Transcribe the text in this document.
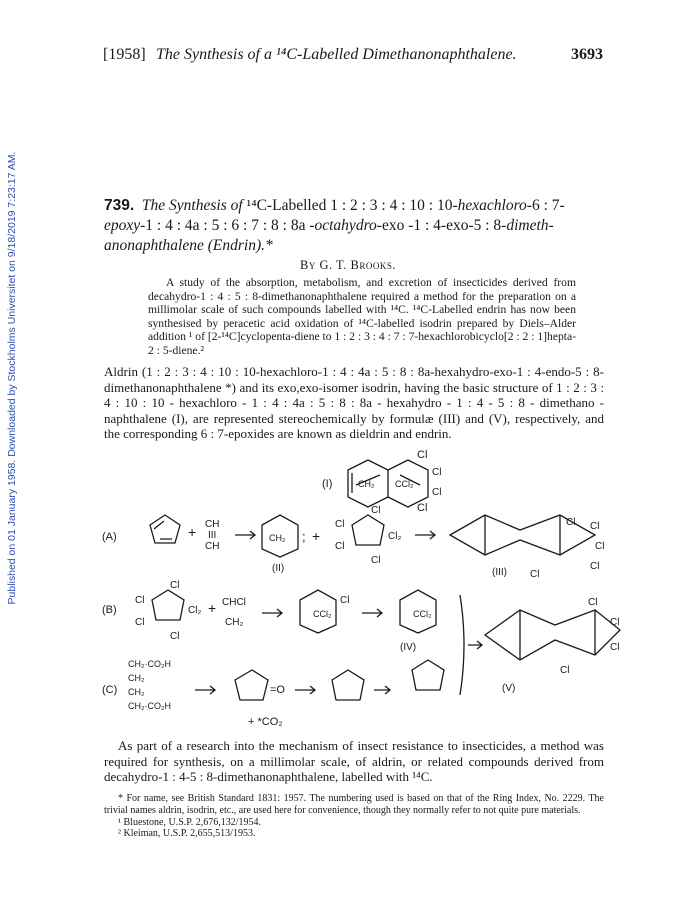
Published on 01 January 1958. Downloaded by Stockholms Universitet on 9/18/2019 7:23:17 AM.
[1958] The Synthesis of a ¹⁴C-Labelled Dimethanonaphthalene.	3693
739. The Synthesis of ¹⁴C-Labelled 1 : 2 : 3 : 4 : 10 : 10-hexachloro-6 : 7-
epoxy-1 : 4 : 4a : 5 : 6 : 7 : 8 : 8a -octahydro-exo -1 : 4-exo-5 : 8-dimeth-
anonaphthalene (Endrin).*
By G. T. Brooks.
A study of the absorption, metabolism, and excretion of insecticides derived from decahydro-1 : 4 : 5 : 8-dimethanonaphthalene required a method for the preparation on a millimolar scale of such compounds labelled with ¹⁴C. ¹⁴C-Labelled endrin has now been synthesised by peracetic acid oxidation of ¹⁴C-labelled isodrin prepared by Diels–Alder addition ¹ of [2-¹⁴C]cyclopenta-diene to 1 : 2 : 3 : 4 : 7 : 7-hexachlorobicyclo[2 : 2 : 1]hepta-2 : 5-diene.²
Aldrin (1 : 2 : 3 : 4 : 10 : 10-hexachloro-1 : 4 : 4a : 5 : 8 : 8a-hexahydro-exo-1 : 4-endo-5 : 8-dimethanonaphthalene *) and its exo,exo-isomer isodrin, having the basic structure of 1 : 2 : 3 : 4 : 10 : 10 - hexachloro - 1 : 4 : 4a : 5 : 8 : 8a - hexahydro - 1 : 4 - 5 : 8 - dimethano - naphthalene (I), are represented stereochemically by formulæ (III) and (V), respectively, and the corresponding 6 : 7-epoxides are known as dieldrin and endrin.
(I)
Cl
Cl
Cl
Cl
CCl₂
CH₂
(A)	+ CH
III
CH
CH₂ ; +
(II)
Cl
Cl
Cl
Cl₂
Cl
Cl Cl
Cl
Cl
Cl
(III)
(B)
Cl
Cl
Cl
Cl₂
Cl
+ CHCl
CH₂
CCl₂
Cl
CCl₂
(IV)
Cl
Cl
Cl
Cl
(V)
(C)
CH₂·CO₂H
CH₂
CH₂
CH₂·CO₂H
=O
+ *CO₂
As part of a research into the mechanism of insect resistance to insecticides, a method was required for synthesis, on a millimolar scale, of aldrin, or related compounds derived from decahydro-1 : 4-5 : 8-dimethanonaphthalene, labelled with ¹⁴C.

* For name, see British Standard 1831: 1957. The numbering used is based on that of the Ring Index, No. 2229. The trivial names aldrin, isodrin, etc., are used here for convenience, though they normally refer to not quite pure materials.

¹ Bluestone, U.S.P. 2,676,132/1954.

² Kleiman, U.S.P. 2,655,513/1953.
